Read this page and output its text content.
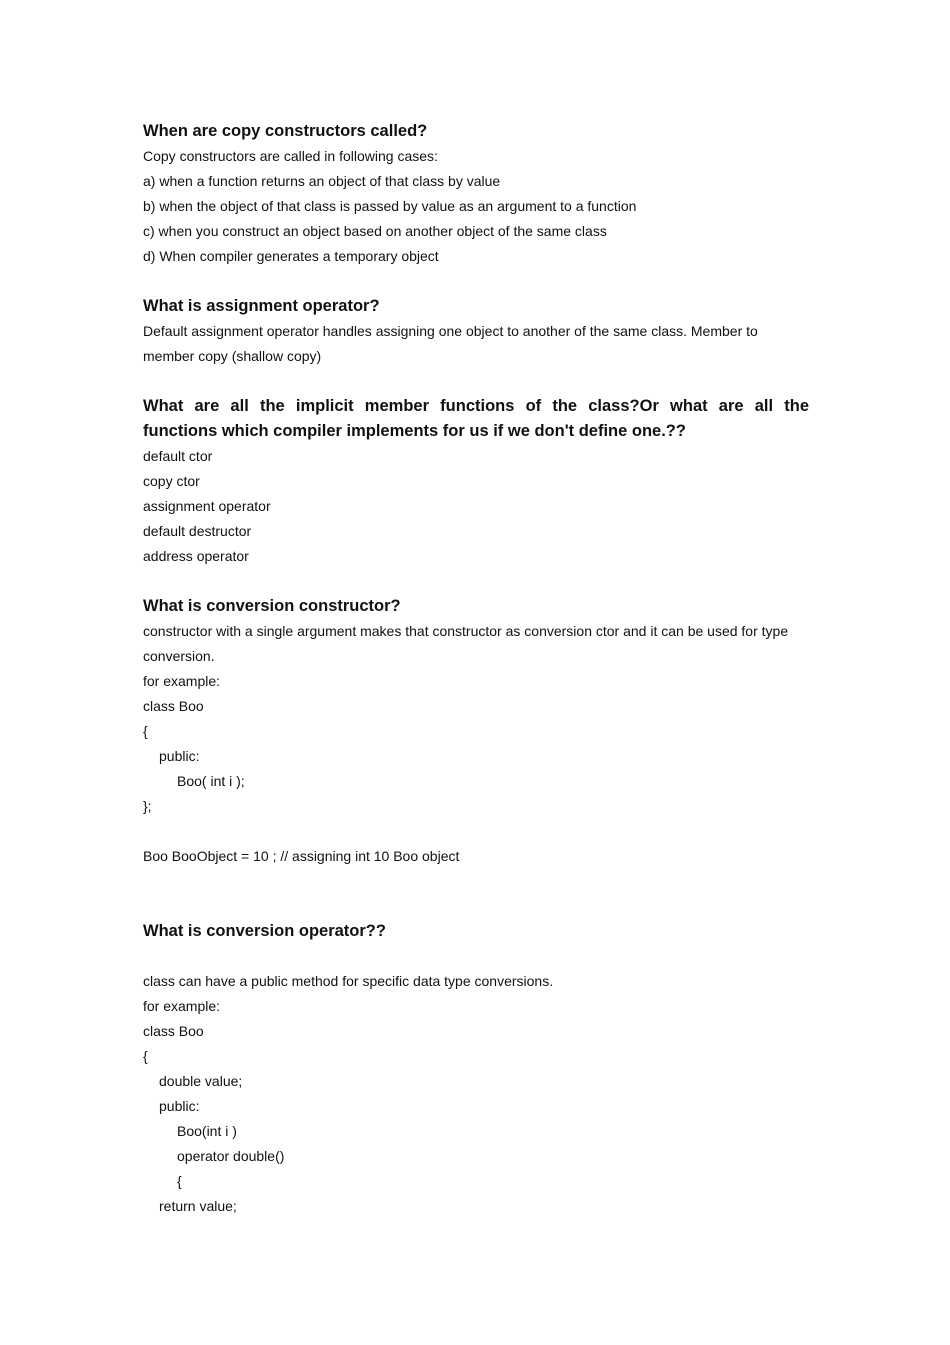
When are copy constructors called?

Copy constructors are called in following cases:

a) when a function returns an object of that class by value

b) when the object of that class is passed by value as an argument to a function

c) when you construct an object based on another object of the same class

d) When compiler generates a temporary object

What is assignment operator?

Default assignment operator handles assigning one object to another of the same class. Member to member copy (shallow copy)

What are all the implicit member functions of the class?Or what are all the
functions which compiler implements for us if we don't define one.??

default ctor

copy ctor

assignment operator

default destructor

address operator

What is conversion constructor?

constructor with a single argument makes that constructor as conversion ctor and it can be used for type conversion.

for example:

class Boo

{

public:

Boo( int i );

};

Boo BooObject = 10 ; // assigning int 10 Boo object

What is conversion operator??

class can have a public method for specific data type conversions.

for example:

class Boo

{

double value;

public:

Boo(int i )

operator double()

{

return value;
